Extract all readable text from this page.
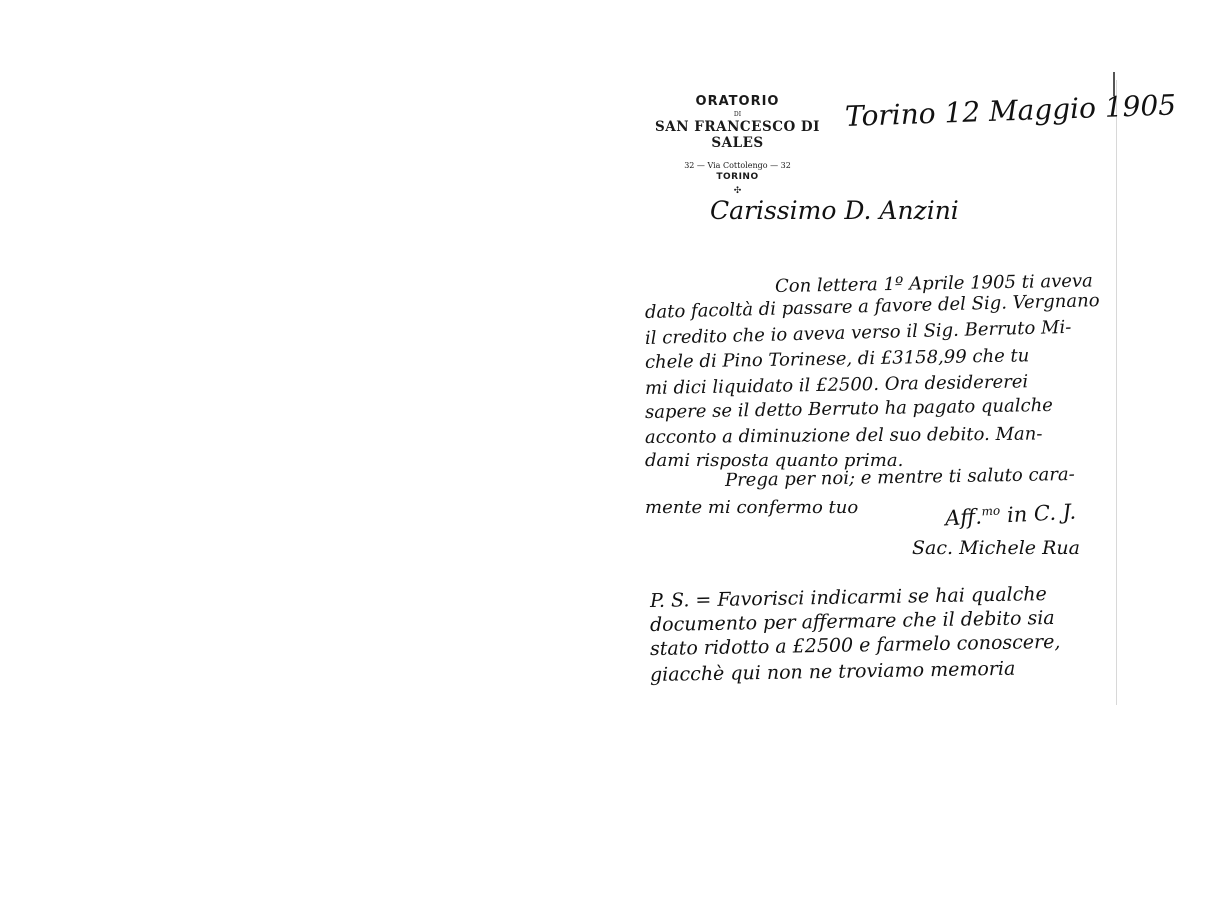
ORATORIO
DI
SAN FRANCESCO DI SALES
32 — Via Cottolengo — 32
TORINO
✣
Torino 12 Maggio 1905
Carissimo D. Anzini
Con lettera 1º Aprile 1905 ti aveva
dato facoltà di passare a favore del Sig. Vergnano
il credito che io aveva verso il Sig. Berruto Mi-
chele di Pino Torinese, di £3158,99 che tu
mi dici liquidato il £2500. Ora desidererei
sapere se il detto Berruto ha pagato qualche
acconto a diminuzione del suo debito. Man-
dami risposta quanto prima.
Prega per noi; e mentre ti saluto cara-
mente mi confermo tuo	Aff.$^{mo}$ in C. J.
Sac. Michele Rua
P. S. = Favorisci indicarmi se hai qualche
documento per affermare che il debito sia
stato ridotto a £2500 e farmelo conoscere,
giacchè qui non ne troviamo memoria
